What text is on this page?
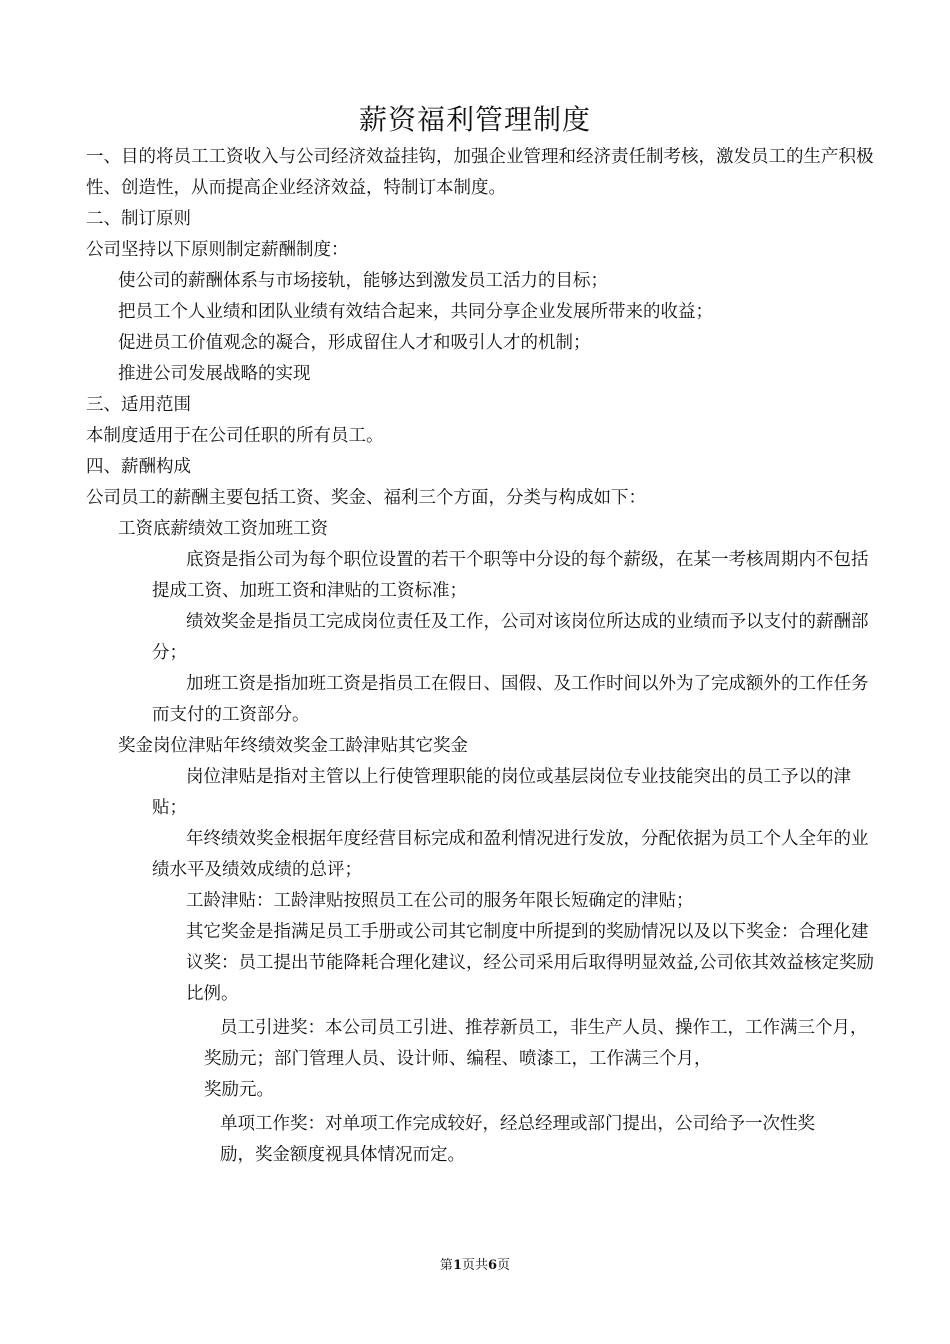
薪资福利管理制度

一、目的将员工工资收入与公司经济效益挂钩，加强企业管理和经济责任制考核，激发员工的生产积极性、创造性，从而提高企业经济效益，特制订本制度。

二、制订原则

公司坚持以下原则制定薪酬制度：

使公司的薪酬体系与市场接轨，能够达到激发员工活力的目标；

把员工个人业绩和团队业绩有效结合起来，共同分享企业发展所带来的收益；

促进员工价值观念的凝合，形成留住人才和吸引人才的机制；

推进公司发展战略的实现

三、适用范围

本制度适用于在公司任职的所有员工。

四、薪酬构成

公司员工的薪酬主要包括工资、奖金、福利三个方面，分类与构成如下：

工资底薪绩效工资加班工资

底资是指公司为每个职位设置的若干个职等中分设的每个薪级，在某一考核周期内不包括提成工资、加班工资和津贴的工资标准；

绩效奖金是指员工完成岗位责任及工作，公司对该岗位所达成的业绩而予以支付的薪酬部分；

加班工资是指加班工资是指员工在假日、国假、及工作时间以外为了完成额外的工作任务而支付的工资部分。

奖金岗位津贴年终绩效奖金工龄津贴其它奖金

岗位津贴是指对主管以上行使管理职能的岗位或基层岗位专业技能突出的员工予以的津贴；

年终绩效奖金根据年度经营目标完成和盈利情况进行发放，分配依据为员工个人全年的业绩水平及绩效成绩的总评；

工龄津贴：工龄津贴按照员工在公司的服务年限长短确定的津贴；

其它奖金是指满足员工手册或公司其它制度中所提到的奖励情况以及以下奖金：合理化建议奖：员工提出节能降耗合理化建议，经公司采用后取得明显效益,公司依其效益核定奖励比例。

员工引进奖：本公司员工引进、推荐新员工，非生产人员、操作工，工作满三个月，奖励元；部门管理人员、设计师、编程、喷漆工，工作满三个月，

奖励元。

单项工作奖：对单项工作完成较好，经总经理或部门提出，公司给予一次性奖

励，奖金额度视具体情况而定。

第1页共6页
